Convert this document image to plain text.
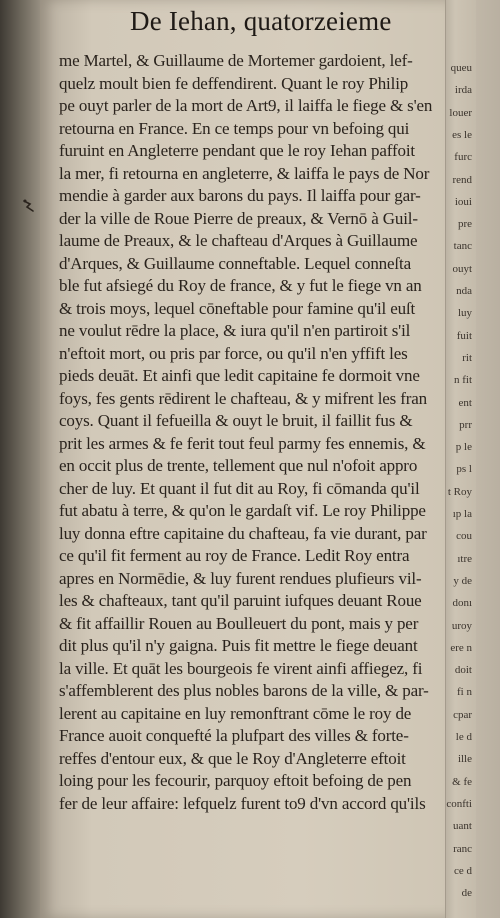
queu
irda
louer
es le
furc
rend
ioui
pre
tanc
ouyt
nda
luy
fuit
rit
n fit
ent
prr
p le
ps l
t Roy
ıp la
cou
ıtre
y de
donı
uroy
ere n
doit
fi n
cpar
le d
ille
& fe
confti
uant
ranc
ce d
de
De Iehan, quatorzeieme
me Martel, & Guillaume de Mortemer gardoient, lef-
quelz moult bien fe deffendirent. Quant le roy Philip
pe ouyt parler de la mort de Art9, il laiffa le fiege & s'en
retourna en France. En ce temps pour vn befoing qui
furuint en Angleterre pendant que le roy Iehan paffoit
la mer, fi retourna en angleterre, & laiffa le pays de Nor
mendie à garder aux barons du pays. Il laiffa pour gar-
der la ville de Roue Pierre de preaux, & Vernō à Guil-
laume de Preaux, & le chafteau d'Arques à Guillaume
d'Arques, & Guillaume conneftable. Lequel conneſta
ble fut afsiegé du Roy de france, & y fut le fiege vn an
& trois moys, lequel cōneftable pour famine qu'il euſt
ne voulut rēdre la place, & iura qu'il n'en partiroit s'il
n'eftoit mort, ou pris par force, ou qu'il n'en yffift les
pieds deuāt. Et ainfi que ledit capitaine fe dormoit vne
foys, fes gents rēdirent le chafteau, & y mifrent les fran
coys. Quant il fefueilla & ouyt le bruit, il faillit fus &
prit les armes & fe ferit tout feul parmy fes ennemis, &
en occit plus de trente, tellement que nul n'ofoit appro
cher de luy. Et quant il fut dit au Roy, fi cōmanda qu'il
fut abatu à terre, & qu'on le gardaſt vif. Le roy Philippe
luy donna eftre capitaine du chafteau, fa vie durant, par
ce qu'il fit ferment au roy de France. Ledit Roy entra
apres en Normēdie, & luy furent rendues plufieurs vil-
les & chafteaux, tant qu'il paruint iufques deuant Roue
& fit affaillir Rouen au Boulleuert du pont, mais y per
dit plus qu'il n'y gaigna. Puis fit mettre le fiege deuant
la ville. Et quāt les bourgeois fe virent ainfi affiegez, fi
s'affemblerent des plus nobles barons de la ville, & par-
lerent au capitaine en luy remonftrant cōme le roy de
France auoit conquefté la plufpart des villes & forte-
reffes d'entour eux, & que le Roy d'Angleterre eftoit
loing pour les fecourir, parquoy eftoit befoing de pen
fer de leur affaire: lefquelz furent to9 d'vn accord qu'ils
